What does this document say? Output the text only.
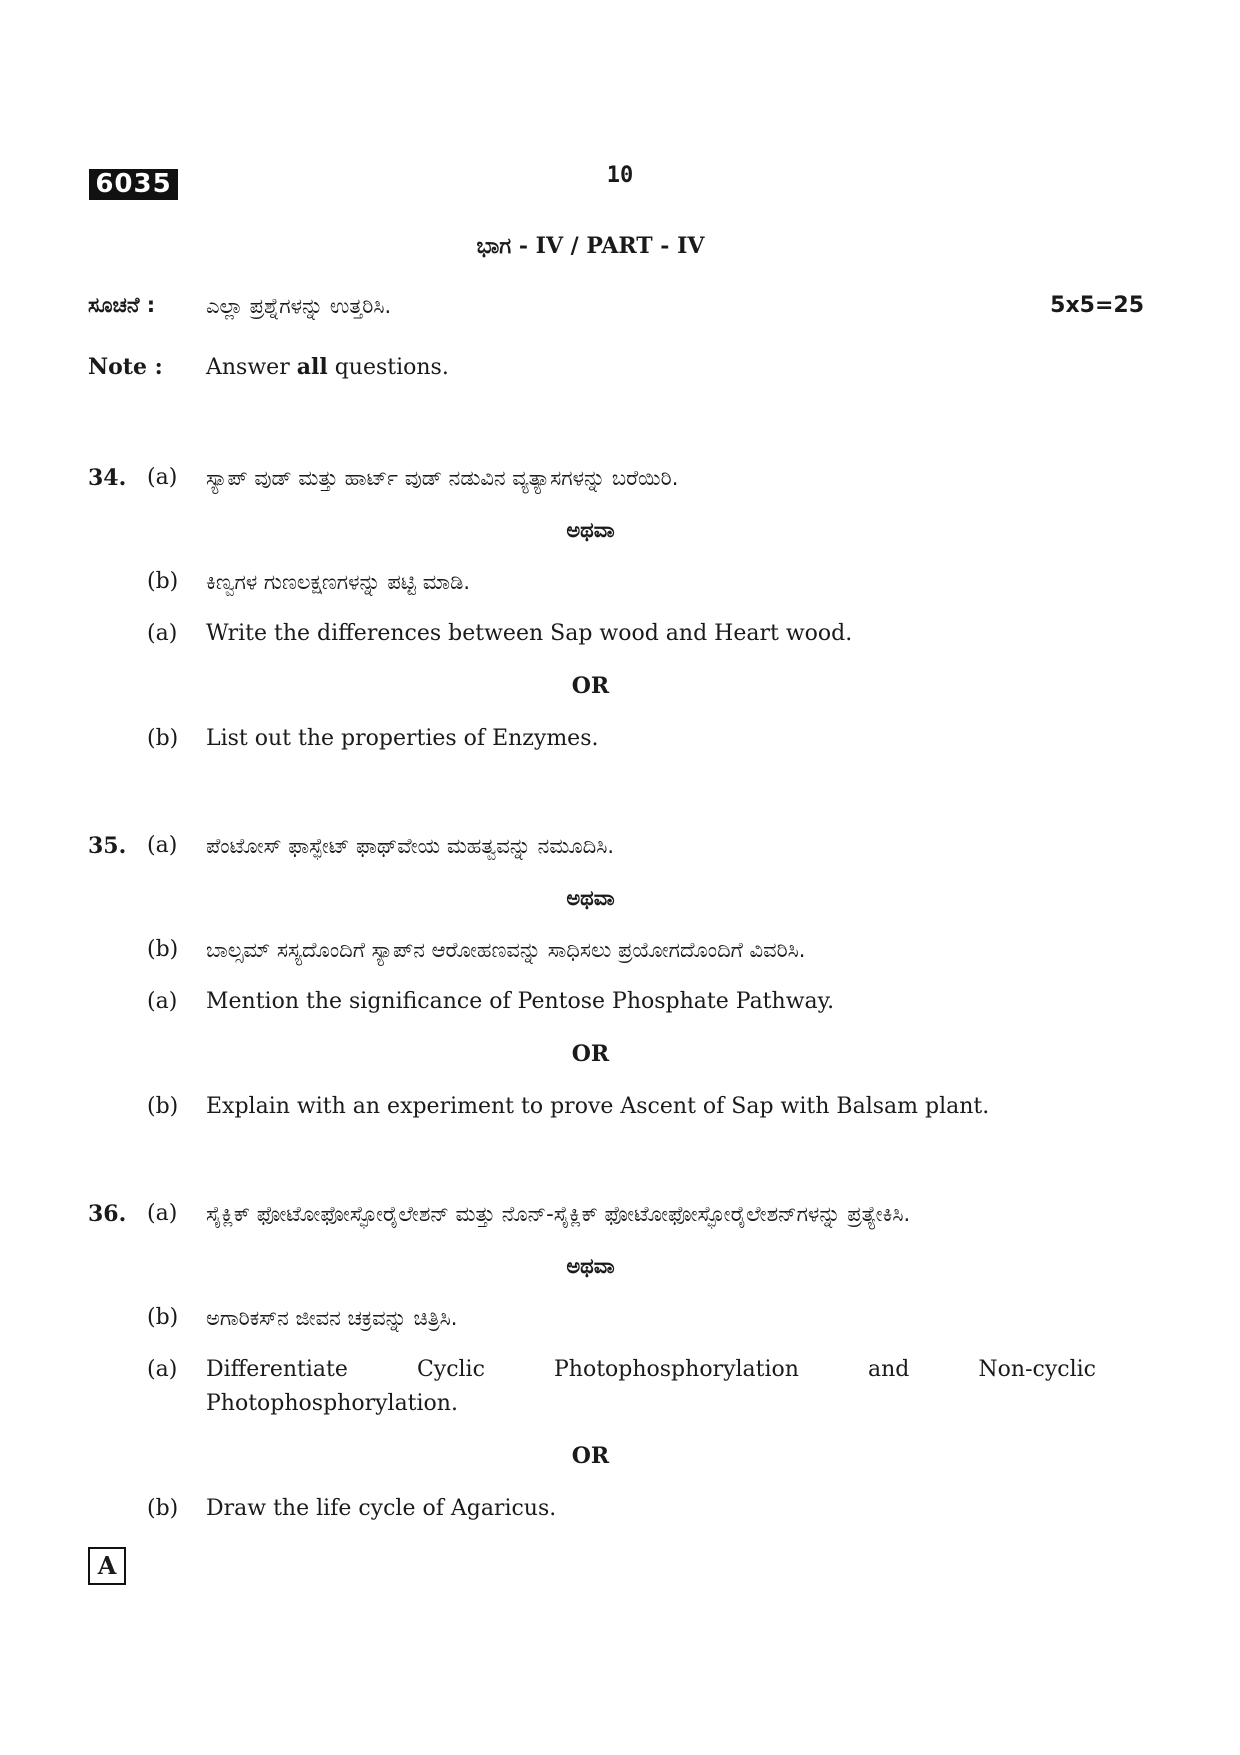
6035	10
ಭಾಗ - IV / PART - IV
ಸೂಚನೆ : ಎಲ್ಲಾ ಪ್ರಶ್ನೆಗಳನ್ನು ಉತ್ತರಿಸಿ.	5x5=25
Note : Answer all questions.
34. (a) ಸ್ಯಾಪ್ ವುಡ್ ಮತ್ತು ಹಾರ್ಟ್ ವುಡ್ ನಡುವಿನ ವ್ಯತ್ಯಾಸಗಳನ್ನು ಬರೆಯಿರಿ.
ಅಥವಾ
(b) ಕಿಣ್ವಗಳ ಗುಣಲಕ್ಷಣಗಳನ್ನು ಪಟ್ಟಿ ಮಾಡಿ.
(a) Write the differences between Sap wood and Heart wood.
OR
(b) List out the properties of Enzymes.
35. (a) ಪೆಂಟೋಸ್ ಫಾಸ್ಫೇಟ್ ಫಾಥ್‌ವೇಯ ಮಹತ್ವವನ್ನು ನಮೂದಿಸಿ.
ಅಥವಾ
(b) ಬಾಲ್ಸಮ್ ಸಸ್ಯದೊಂದಿಗೆ ಸ್ಯಾಪ್‌ನ ಆರೋಹಣವನ್ನು ಸಾಧಿಸಲು ಪ್ರಯೋಗದೊಂದಿಗೆ ವಿವರಿಸಿ.
(a) Mention the significance of Pentose Phosphate Pathway.
OR
(b) Explain with an experiment to prove Ascent of Sap with Balsam plant.
36. (a) ಸೈಕ್ಲಿಕ್ ಫೋಟೋಫೋಸ್ಫೋರೈಲೇಶನ್ ಮತ್ತು ನೊನ್-ಸೈಕ್ಲಿಕ್ ಫೋಟೋಫೋಸ್ಫೋರೈಲೇಶನ್‌ಗಳನ್ನು ಪ್ರತ್ಯೇಕಿಸಿ.
ಅಥವಾ
(b) ಅಗಾರಿಕಸ್‌ನ ಜೀವನ ಚಕ್ರವನ್ನು ಚಿತ್ರಿಸಿ.
(a) Differentiate Cyclic Photophosphorylation and Non-cyclic
Photophosphorylation.
OR
(b) Draw the life cycle of Agaricus.
A
